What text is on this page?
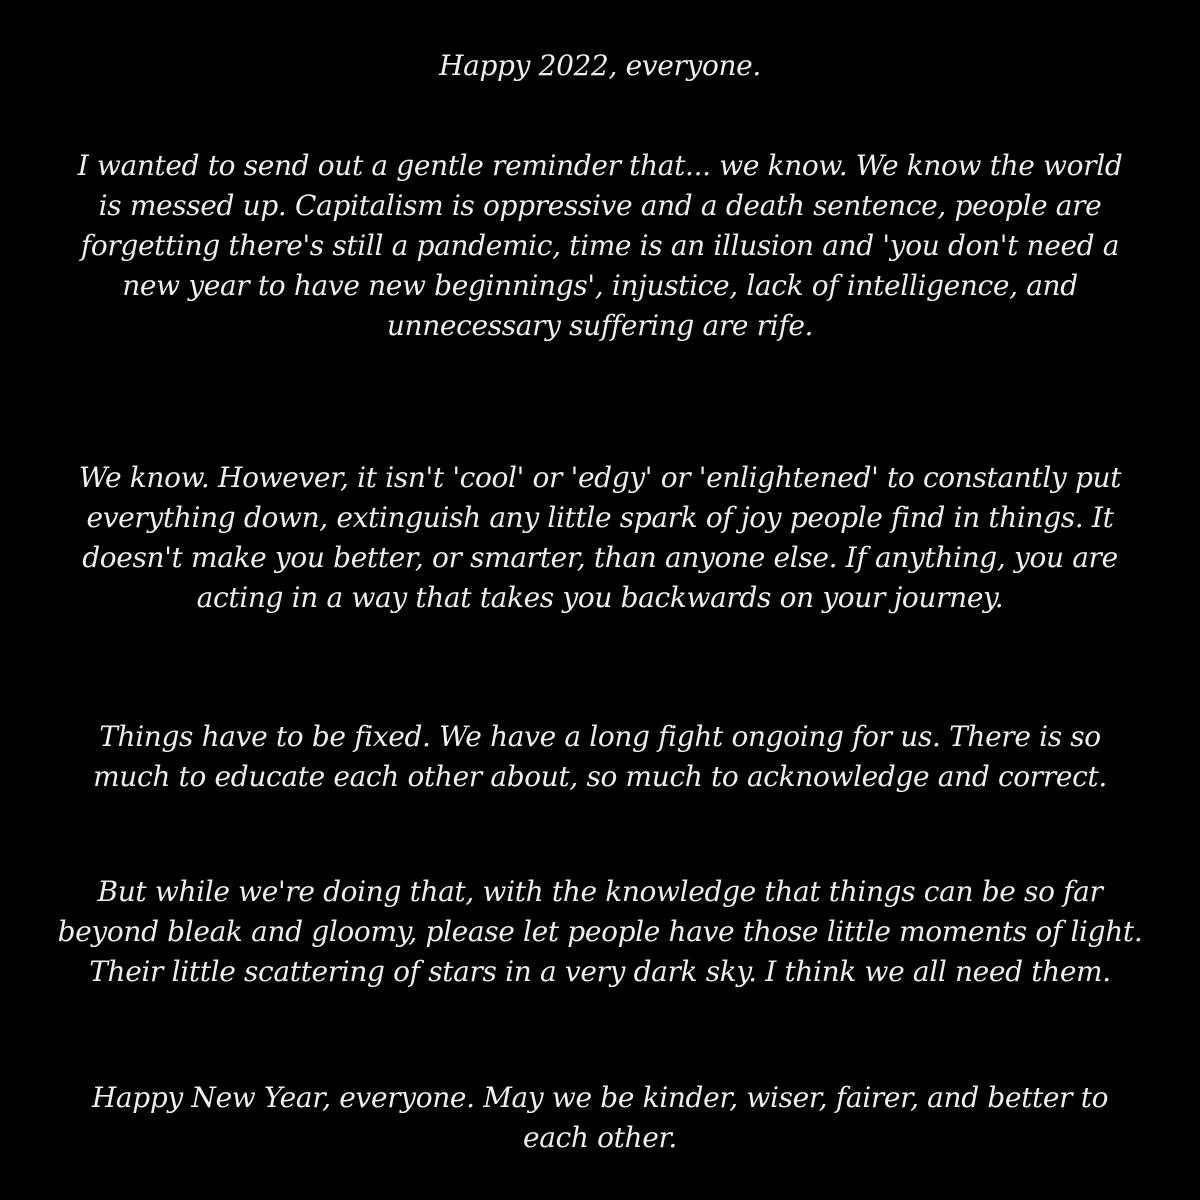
Happy 2022, everyone.

I wanted to send out a gentle reminder that... we know. We know the world
is messed up. Capitalism is oppressive and a death sentence, people are
forgetting there's still a pandemic, time is an illusion and 'you don't need a
new year to have new beginnings', injustice, lack of intelligence, and
unnecessary suffering are rife.

We know. However, it isn't 'cool' or 'edgy' or 'enlightened' to constantly put
everything down, extinguish any little spark of joy people find in things. It
doesn't make you better, or smarter, than anyone else. If anything, you are
acting in a way that takes you backwards on your journey.

Things have to be fixed. We have a long fight ongoing for us. There is so
much to educate each other about, so much to acknowledge and correct.

But while we're doing that, with the knowledge that things can be so far
beyond bleak and gloomy, please let people have those little moments of light.
Their little scattering of stars in a very dark sky. I think we all need them.

Happy New Year, everyone. May we be kinder, wiser, fairer, and better to
each other.
